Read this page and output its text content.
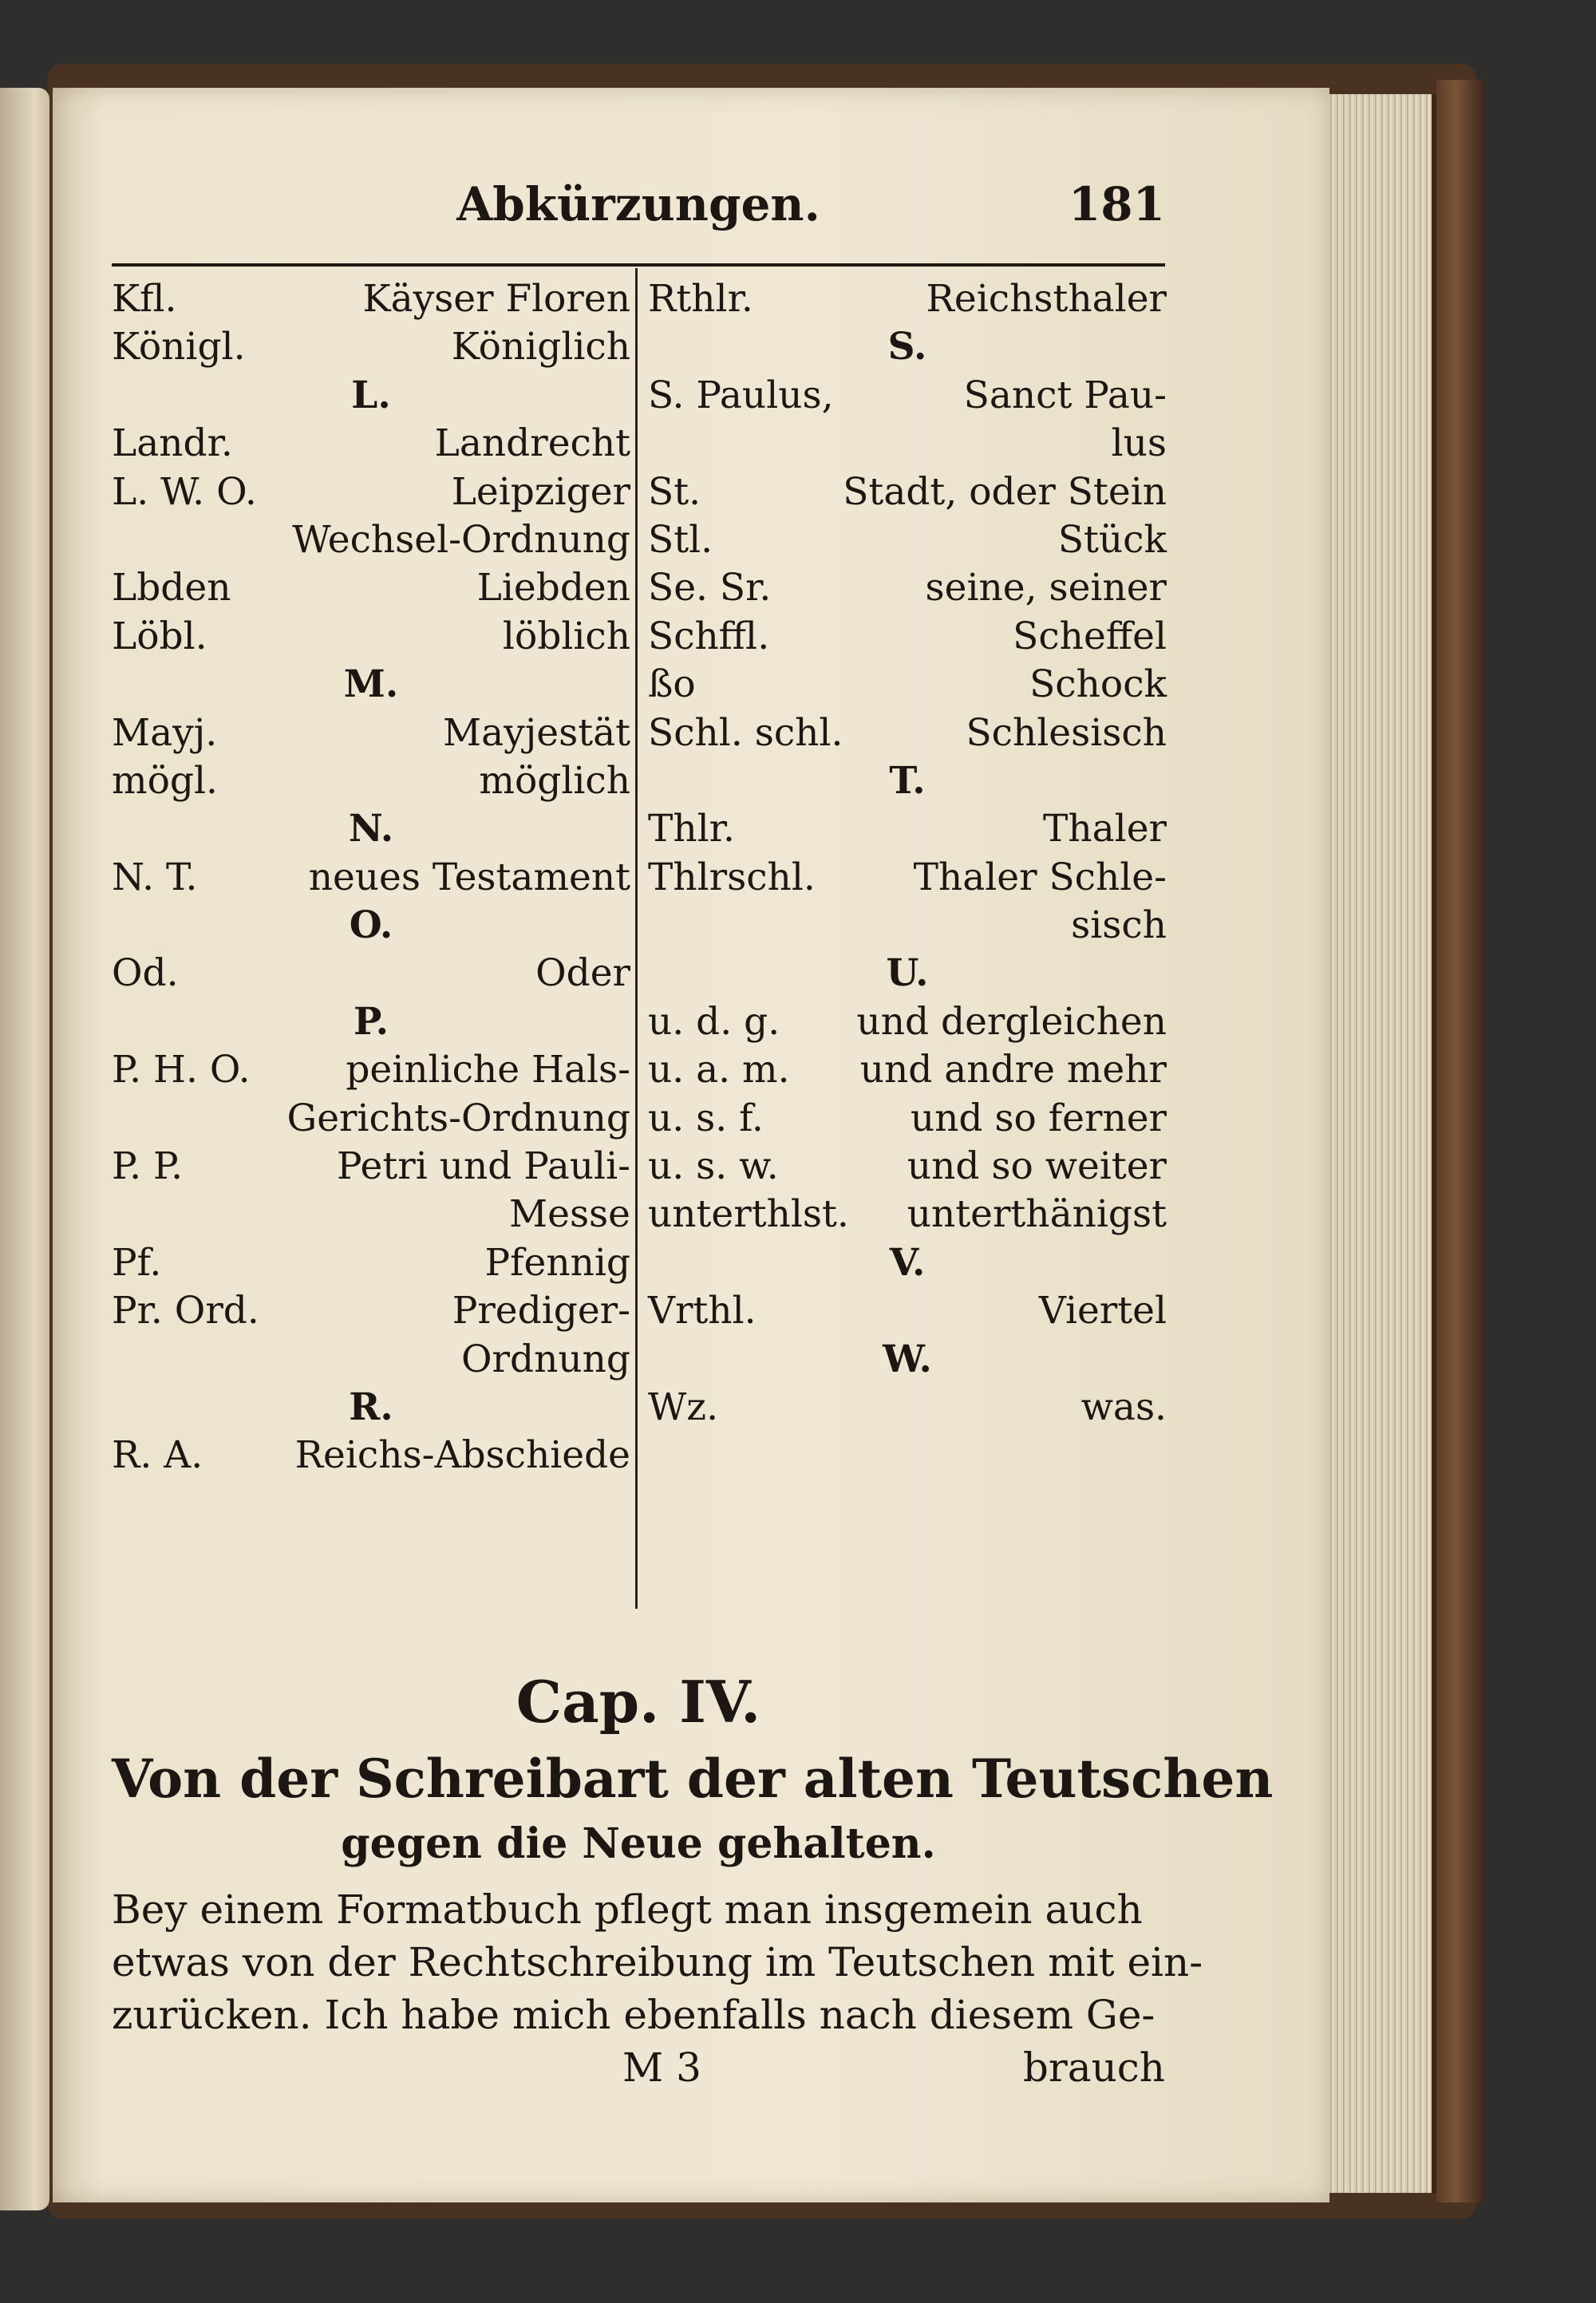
Abkürzungen.	181
Kfl.	Käyser Floren
Königl.	Königlich
L.
Landr.	Landrecht
L. W. O.	Leipziger
Wechsel-Ordnung
Lbden	Liebden
Löbl.	löblich
M.
Mayj.	Mayjestät
mögl.	möglich
N.
N. T.	neues Testament
O.
Od.	Oder
P.
P. H. O.	peinliche Hals-
Gerichts-Ordnung
P. P.	Petri und Pauli-
Messe
Pf.	Pfennig
Pr. Ord.	Prediger-
Ordnung
R.
R. A. Reichs-Abschiede
Rthlr.	Reichsthaler
S.
S. Paulus,	Sanct Pau-
lus
St.	Stadt, oder Stein
Stl.	Stück
Se. Sr.	seine, seiner
Schffl.	Scheffel
ßo	Schock
Schl. schl.	Schlesisch
T.
Thlr.	Thaler
Thlrschl.	Thaler Schle-
sisch
U.
u. d. g. und dergleichen
u. a. m. und andre mehr
u. s. f.	und so ferner
u. s. w.	und so weiter
unterthlst. unterthänigst
V.
Vrthl.	Viertel
W.
Wz.	was.
Cap. IV.
Von der Schreibart der alten Teutschen
gegen die Neue gehalten.
Bey einem Formatbuch pflegt man insgemein auch
etwas von der Rechtschreibung im Teutschen mit ein-
zurücken. Ich habe mich ebenfalls nach diesem Ge-
M 3	brauch
